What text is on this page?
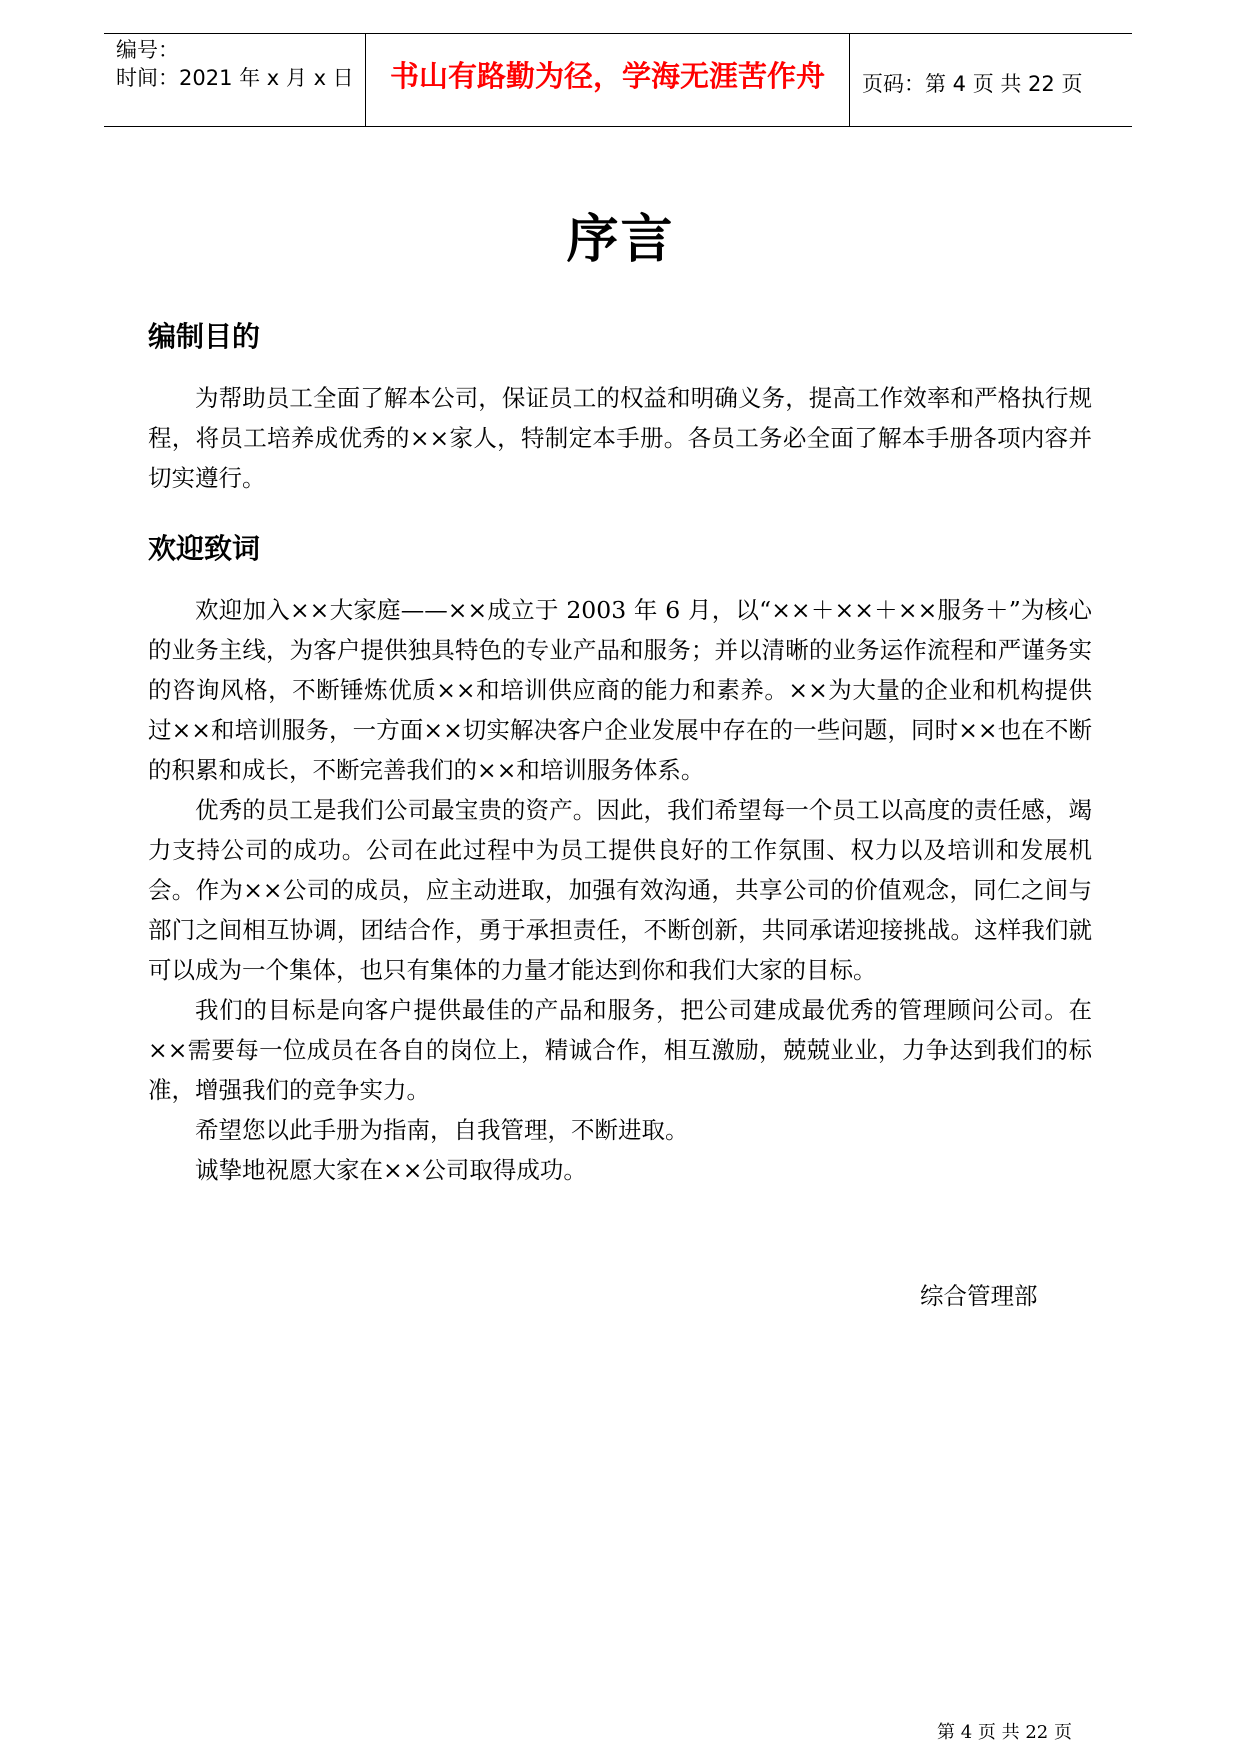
编号：
时间：2021 年 x 月 x 日	书山有路勤为径，学海无涯苦作舟	页码：第 4 页 共 22 页
序言
编制目的
为帮助员工全面了解本公司，保证员工的权益和明确义务，提高工作效率和严格执行规程，将员工培养成优秀的××家人，特制定本手册。各员工务必全面了解本手册各项内容并切实遵行。
欢迎致词
欢迎加入××大家庭——××成立于 2003 年 6 月，以“××＋××＋××服务＋”为核心的业务主线，为客户提供独具特色的专业产品和服务；并以清晰的业务运作流程和严谨务实的咨询风格，不断锤炼优质××和培训供应商的能力和素养。××为大量的企业和机构提供过××和培训服务，一方面××切实解决客户企业发展中存在的一些问题，同时××也在不断的积累和成长，不断完善我们的××和培训服务体系。
优秀的员工是我们公司最宝贵的资产。因此，我们希望每一个员工以高度的责任感，竭力支持公司的成功。公司在此过程中为员工提供良好的工作氛围、权力以及培训和发展机会。作为××公司的成员，应主动进取，加强有效沟通，共享公司的价值观念，同仁之间与部门之间相互协调，团结合作，勇于承担责任，不断创新，共同承诺迎接挑战。这样我们就可以成为一个集体，也只有集体的力量才能达到你和我们大家的目标。
我们的目标是向客户提供最佳的产品和服务，把公司建成最优秀的管理顾问公司。在××需要每一位成员在各自的岗位上，精诚合作，相互激励，兢兢业业，力争达到我们的标准，增强我们的竞争实力。
希望您以此手册为指南，自我管理，不断进取。
诚挚地祝愿大家在××公司取得成功。
综合管理部
第 4 页 共 22 页
